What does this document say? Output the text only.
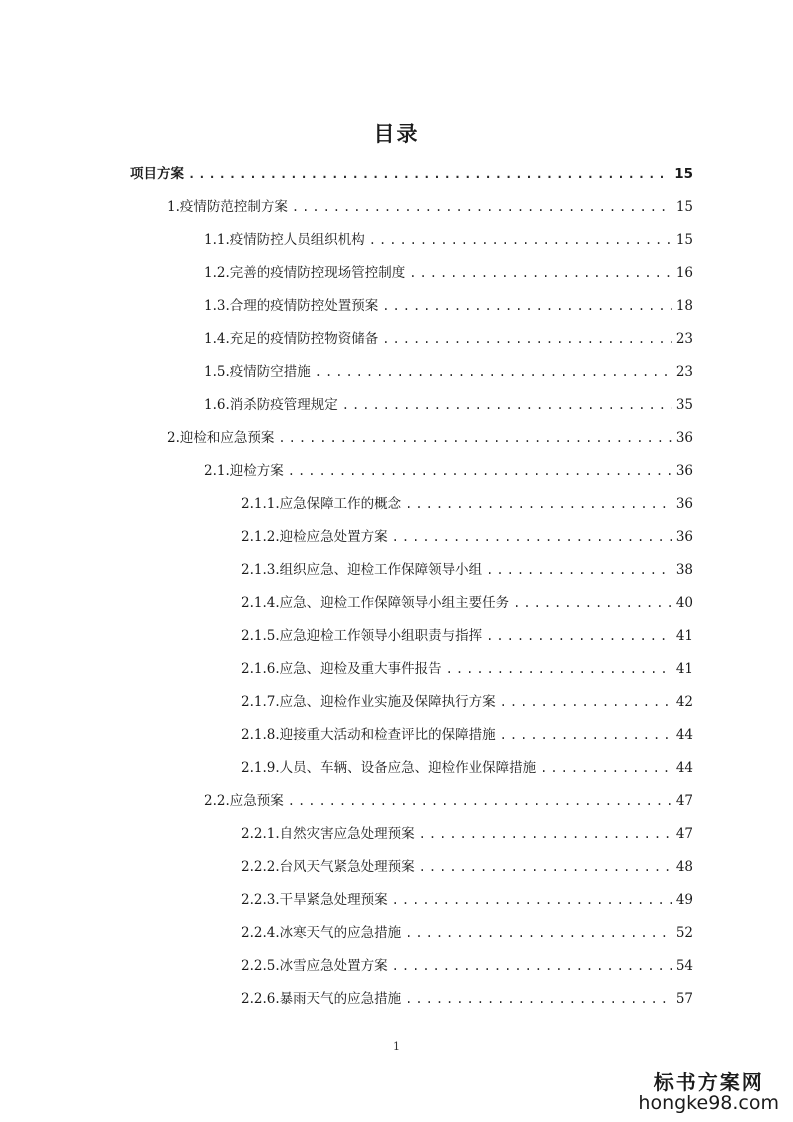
目录
项目方案 .....	15
1.疫情防范控制方案 .....	15
1.1.疫情防控人员组织机构 .....	15
1.2.完善的疫情防控现场管控制度 .....	16
1.3.合理的疫情防控处置预案 .....	18
1.4.充足的疫情防控物资储备 .....	23
1.5.疫情防空措施 .....	23
1.6.消杀防疫管理规定 .....	35
2.迎检和应急预案 .....	36
2.1.迎检方案 .....	36
2.1.1.应急保障工作的概念 .....	36
2.1.2.迎检应急处置方案 .....	36
2.1.3.组织应急、迎检工作保障领导小组 .....	38
2.1.4.应急、迎检工作保障领导小组主要任务 .....	40
2.1.5.应急迎检工作领导小组职责与指挥 .....	41
2.1.6.应急、迎检及重大事件报告 .....	41
2.1.7.应急、迎检作业实施及保障执行方案 .....	42
2.1.8.迎接重大活动和检查评比的保障措施 .....	44
2.1.9.人员、车辆、设备应急、迎检作业保障措施 .....	44
2.2.应急预案 .....	47
2.2.1.自然灾害应急处理预案 .....	47
2.2.2.台风天气紧急处理预案 .....	48
2.2.3.干旱紧急处理预案 .....	49
2.2.4.冰寒天气的应急措施 .....	52
2.2.5.冰雪应急处置方案 .....	54
2.2.6.暴雨天气的应急措施 .....	57
1
标书方案网
hongke98.com
